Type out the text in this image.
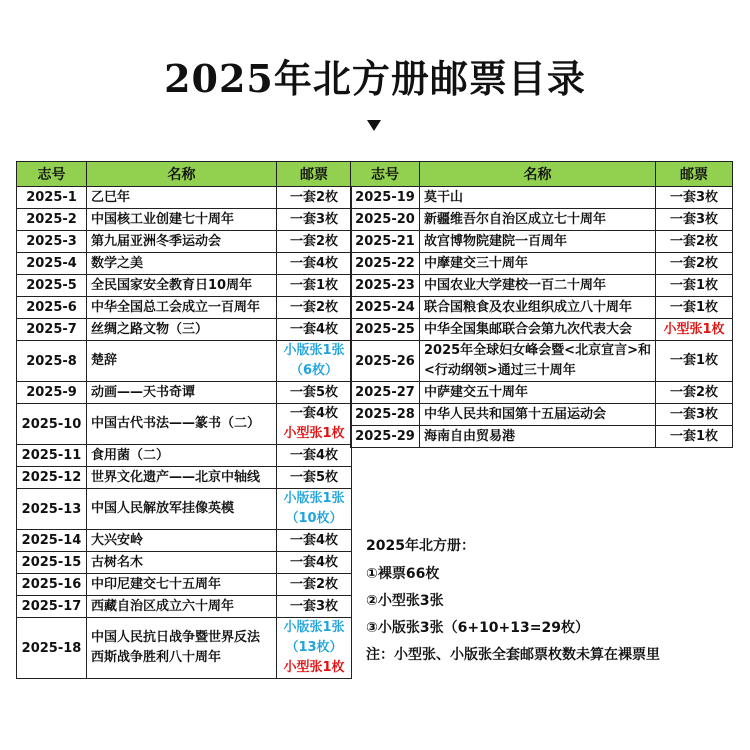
2025年北方册邮票目录
志号	名称	邮票
2025-1	乙巳年	一套2枚

2025-2	中国核工业创建七十周年	一套3枚

2025-3	第九届亚洲冬季运动会	一套2枚

2025-4	数学之美	一套4枚

2025-5	全民国家安全教育日10周年	一套1枚

2025-6	中华全国总工会成立一百周年	一套2枚

2025-7	丝绸之路文物（三）	一套4枚

2025-8	楚辞	小版张1张
（6枚）

2025-9	动画——天书奇谭	一套5枚

2025-10	中国古代书法——篆书（二）	一套4枚
小型张1枚

2025-11	食用菌（二）	一套4枚

2025-12	世界文化遗产——北京中轴线	一套5枚

2025-13	中国人民解放军挂像英模	小版张1张
（10枚）

2025-14	大兴安岭	一套4枚

2025-15	古树名木	一套4枚

2025-16	中印尼建交七十五周年	一套2枚

2025-17	西藏自治区成立六十周年	一套3枚

2025-18	中国人民抗日战争暨世界反法
西斯战争胜利八十周年	小版张1张
（13枚）
小型张1枚
志号	名称	邮票
2025-19	莫干山	一套3枚

2025-20	新疆维吾尔自治区成立七十周年	一套3枚

2025-21	故宫博物院建院一百周年	一套2枚

2025-22	中摩建交三十周年	一套2枚

2025-23	中国农业大学建校一百二十周年	一套1枚

2025-24	联合国粮食及农业组织成立八十周年	一套1枚

2025-25	中华全国集邮联合会第九次代表大会	小型张1枚

2025-26	2025年全球妇女峰会暨<北京宣言>和
<行动纲领>通过三十周年	一套1枚

2025-27	中萨建交五十周年	一套2枚

2025-28	中华人民共和国第十五届运动会	一套3枚

2025-29	海南自由贸易港	一套1枚
2025年北方册：
①裸票66枚
②小型张3张
③小版张3张（6+10+13=29枚）
注：小型张、小版张全套邮票枚数未算在裸票里
